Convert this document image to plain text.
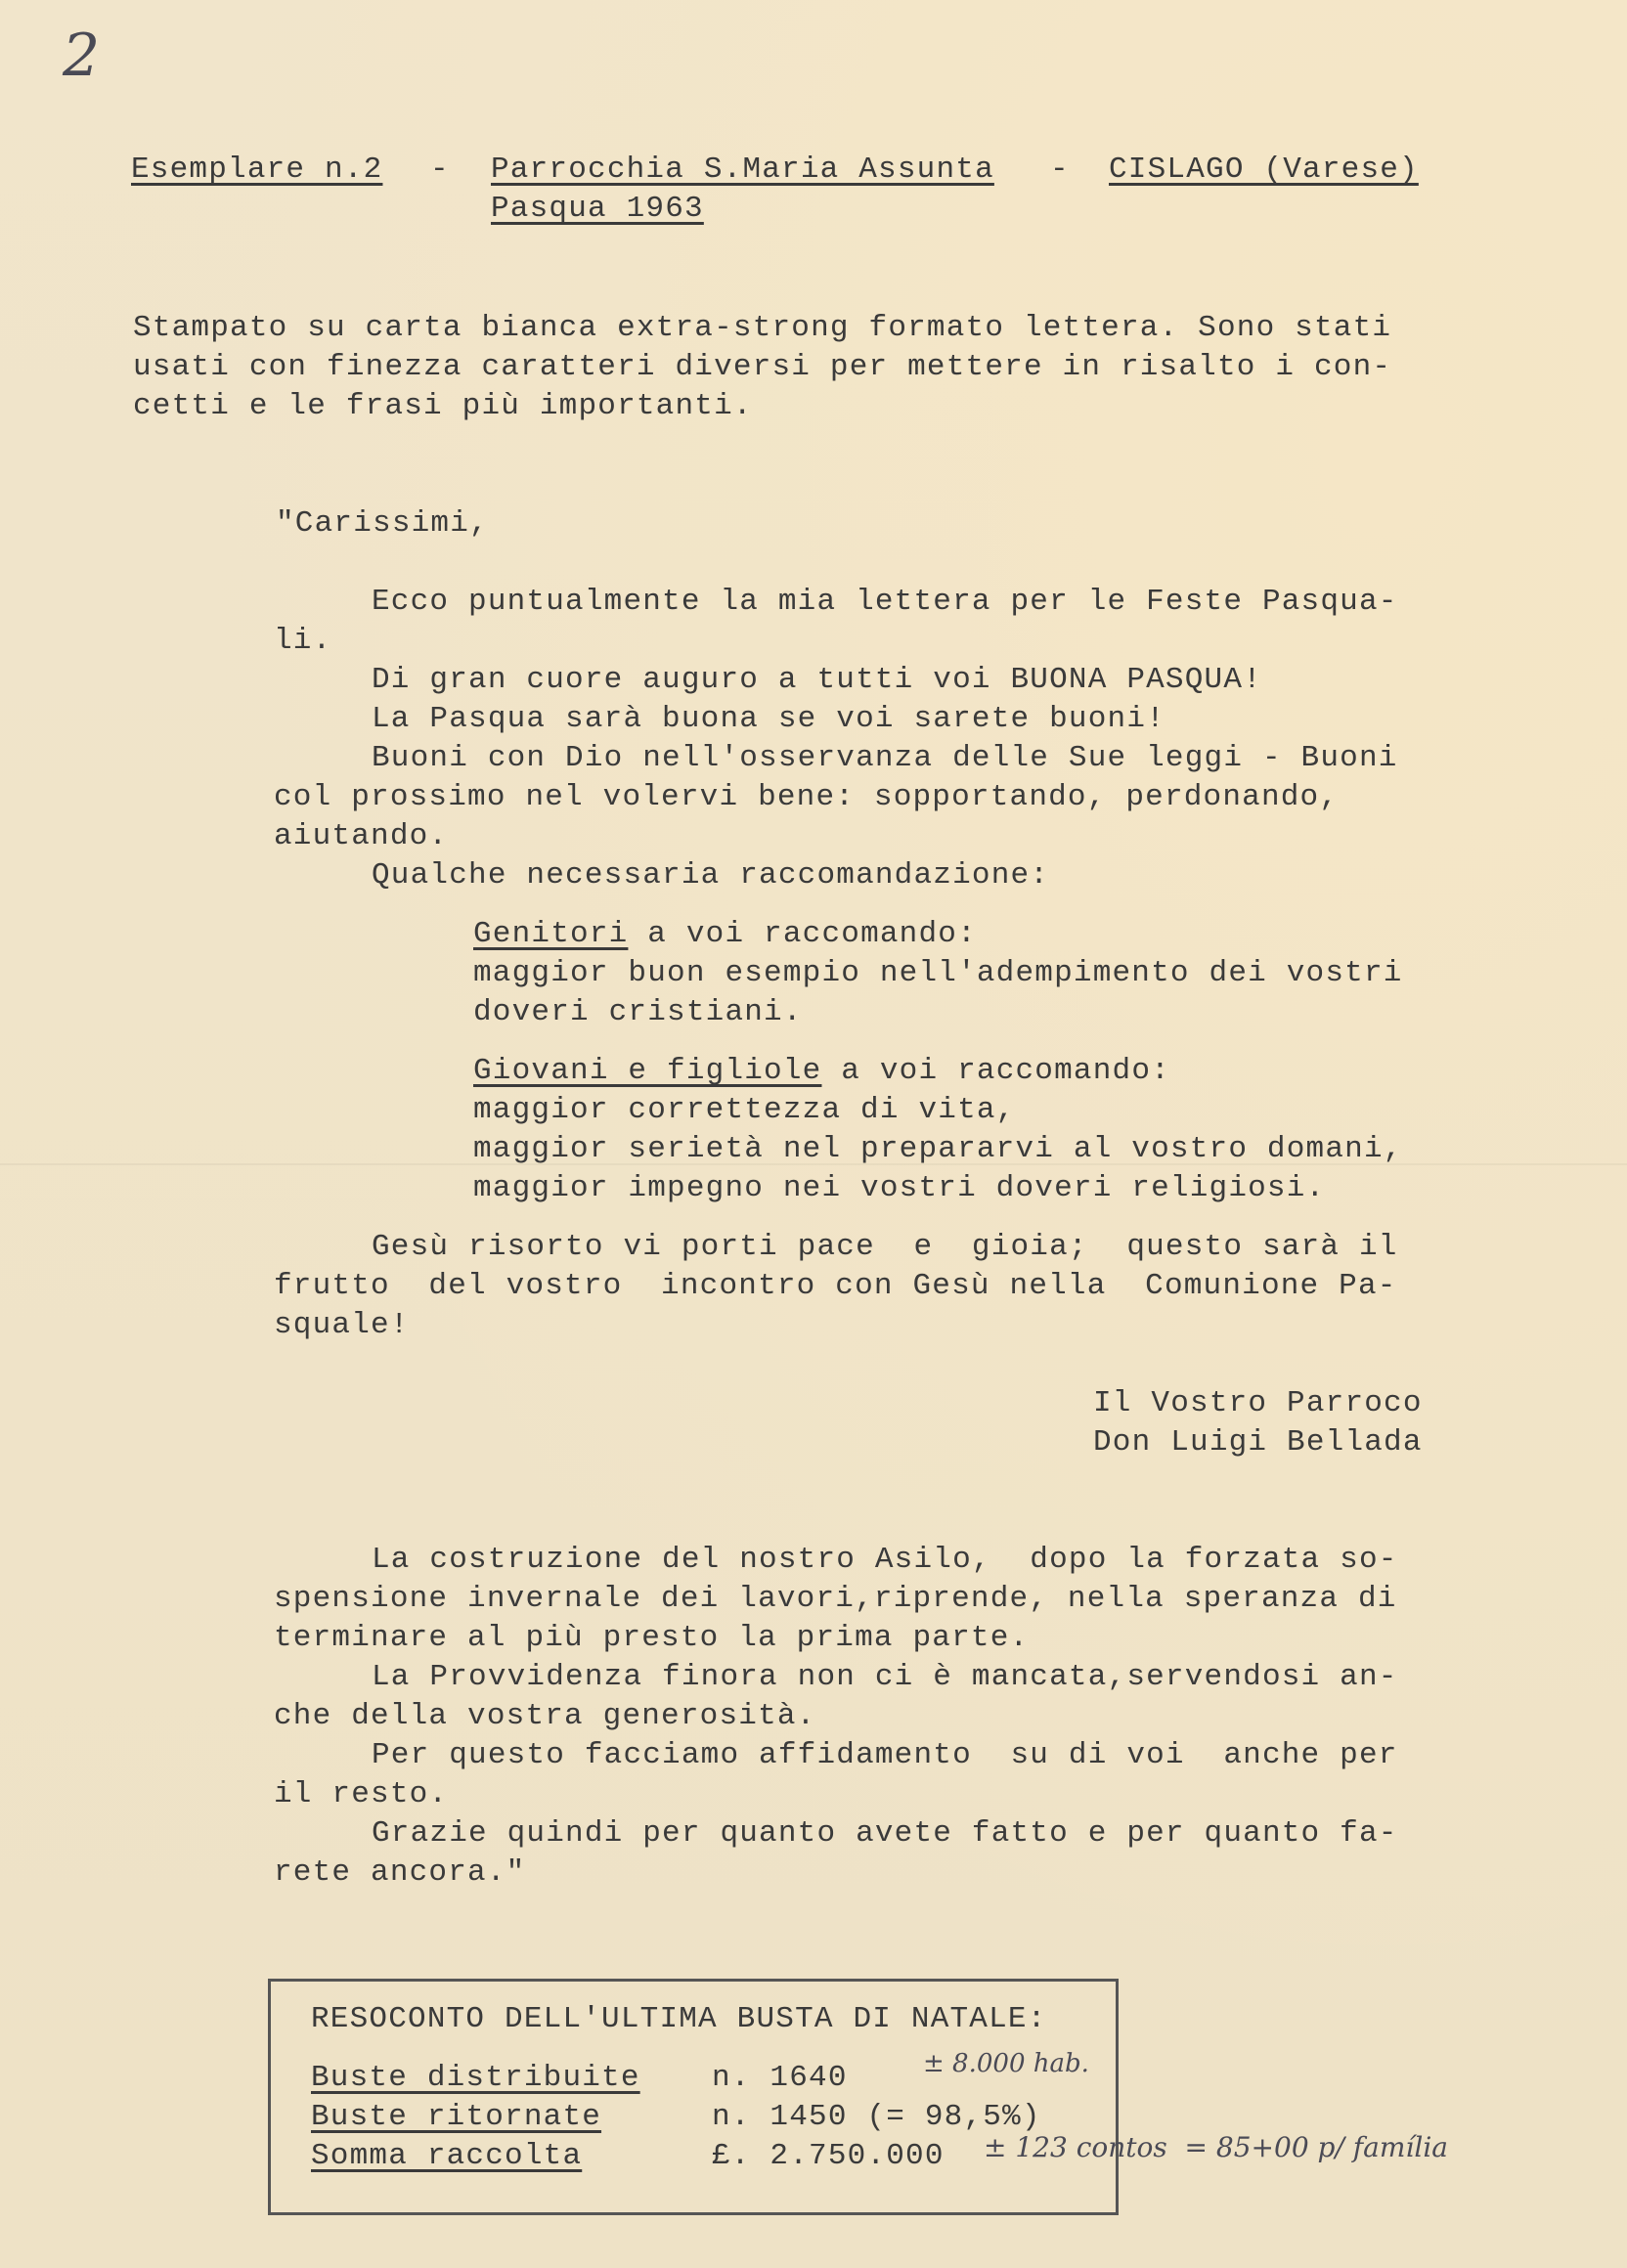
2
Esemplare n.2 - Parrocchia S.Maria Assunta - CISLAGO (Varese)
Pasqua 1963
Stampato su carta bianca extra-strong formato lettera. Sono stati
usati con finezza caratteri diversi per mettere in risalto i con-
cetti e le frasi più importanti.
"Carissimi,
Ecco puntualmente la mia lettera per le Feste Pasqua-
li.
Di gran cuore auguro a tutti voi BUONA PASQUA!
La Pasqua sarà buona se voi sarete buoni!
Buoni con Dio nell'osservanza delle Sue leggi - Buoni
col prossimo nel volervi bene: sopportando, perdonando,
aiutando.
Qualche necessaria raccomandazione:
Genitori a voi raccomando:
maggior buon esempio nell'adempimento dei vostri
doveri cristiani.
Giovani e figliole a voi raccomando:
maggior correttezza di vita,
maggior serietà nel prepararvi al vostro domani,
maggior impegno nei vostri doveri religiosi.
Gesù risorto vi porti pace  e  gioia;  questo sarà il
frutto  del vostro  incontro con Gesù nella  Comunione Pa-
squale!
Il Vostro Parroco
Don Luigi Bellada
La costruzione del nostro Asilo,  dopo la forzata so-
spensione invernale dei lavori,riprende, nella speranza di
terminare al più presto la prima parte.
La Provvidenza finora non ci è mancata,servendosi an-
che della vostra generosità.
Per questo facciamo affidamento  su di voi  anche per
il resto.
Grazie quindi per quanto avete fatto e per quanto fa-
rete ancora."
RESOCONTO DELL'ULTIMA BUSTA DI NATALE:
Buste distribuite n. 1640	± 8.000 hab.
Buste ritornate	n. 1450 (= 98,5%)
Somma raccolta	£. 2.750.000 ± 123 contos  = 85+00 p/ família
